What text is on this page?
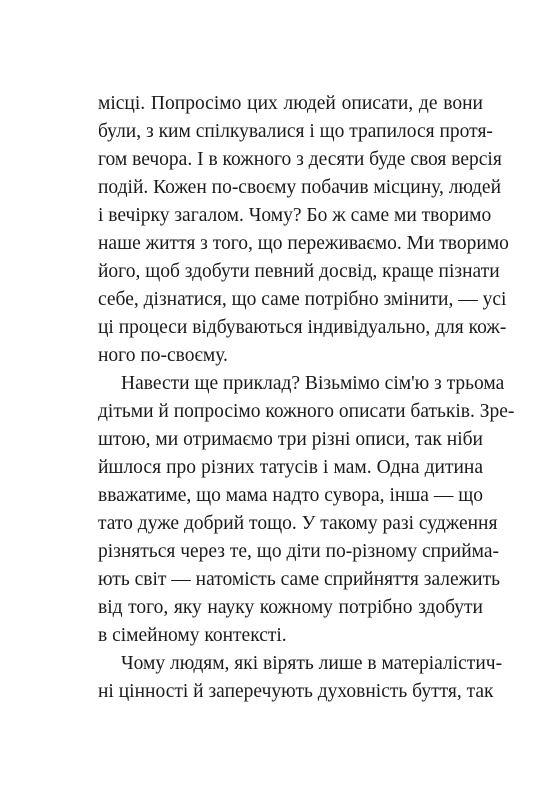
місці. Попросімо цих людей описати, де вони
були, з ким спілкувалися і що трапилося протя-
гом вечора. І в кожного з десяти буде своя версія
подій. Кожен по-своєму побачив місцину, людей
і вечірку загалом. Чому? Бо ж саме ми творимо
наше життя з того, що переживаємо. Ми творимо
його, щоб здобути певний досвід, краще пізнати
себе, дізнатися, що саме потрібно змінити, — усі
ці процеси відбуваються індивідуально, для кож-
ного по-своєму.
Навести ще приклад? Візьмімо сім'ю з трьома
дітьми й попросімо кожного описати батьків. Зре-
штою, ми отримаємо три різні описи, так ніби
йшлося про різних татусів і мам. Одна дитина
вважатиме, що мама надто сувора, інша — що
тато дуже добрий тощо. У такому разі судження
різняться через те, що діти по-різному сприйма-
ють світ — натомість саме сприйняття залежить
від того, яку науку кожному потрібно здобути
в сімейному контексті.
Чому людям, які вірять лише в матеріалістич-
ні цінності й заперечують духовність буття, так
